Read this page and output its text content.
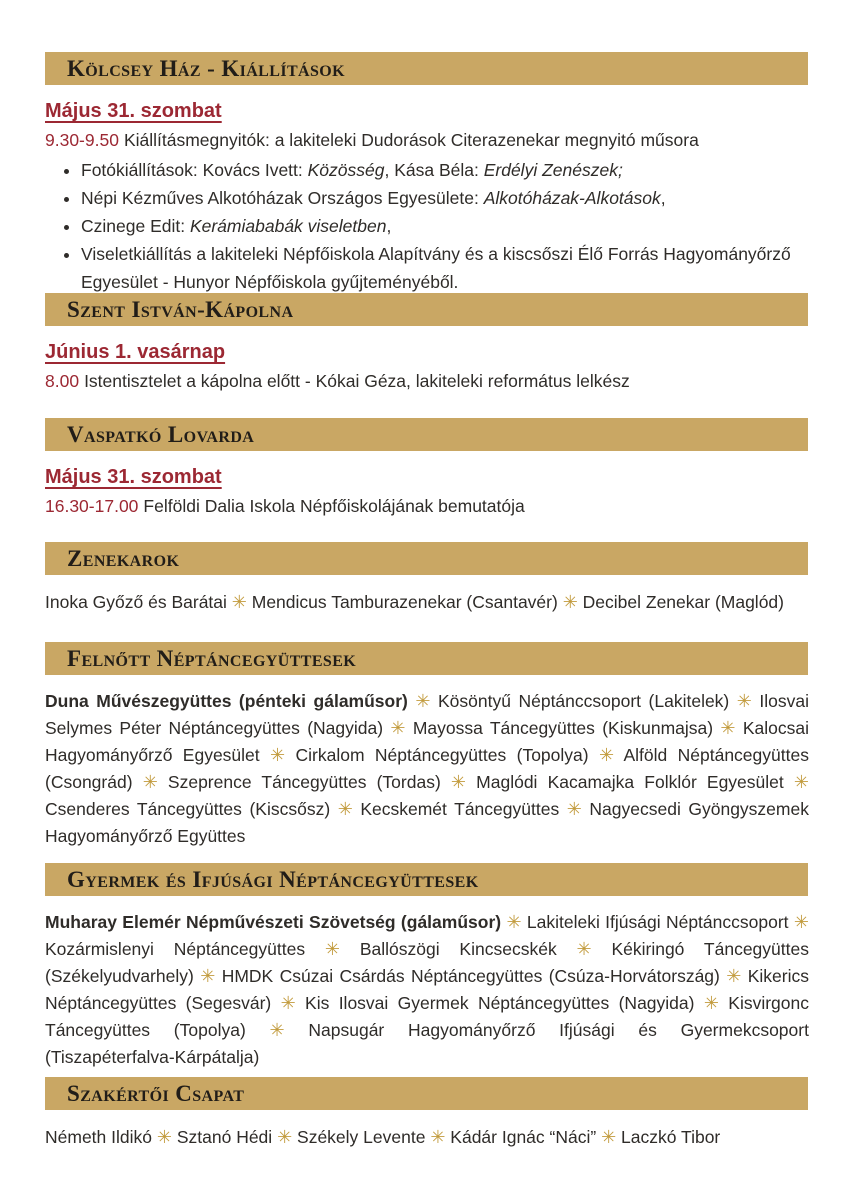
Kölcsey Ház - Kiállítások

Május 31. szombat

9.30-9.50 Kiállításmegnyitók: a lakiteleki Dudorások Citerazenekar megnyitó műsora

• Fotókiállítások: Kovács Ivett: Közösség, Kása Béla: Erdélyi Zenészek;
• Népi Kézműves Alkotóházak Országos Egyesülete: Alkotóházak-Alkotások,
• Czinege Edit: Kerámiababák viseletben,
• Viseletkiállítás a lakiteleki Népfőiskola Alapítvány és a kiscsőszi Élő Forrás Hagyományőrző Egyesület - Hunyor Népfőiskola gyűjteményéből.
Szent István-Kápolna

Június 1. vasárnap

8.00 Istentisztelet a kápolna előtt - Kókai Géza, lakiteleki református lelkész

Vaspatkó Lovarda

Május 31. szombat

16.30-17.00 Felföldi Dalia Iskola Népfőiskolájának bemutatója

Zenekarok

Inoka Győző és Barátai ✳ Mendicus Tamburazenekar (Csantavér) ✳ Decibel Zenekar (Maglód)

Felnőtt Néptáncegyüttesek

Duna Művészegyüttes (pénteki gálaműsor) ✳ Kösöntyű Néptánccsoport (Lakitelek) ✳ Ilosvai Selymes Péter Néptáncegyüttes (Nagyida) ✳ Mayossa Táncegyüttes (Kiskunmajsa) ✳ Kalocsai Hagyományőrző Egyesület ✳ Cirkalom Néptáncegyüttes (Topolya) ✳ Alföld Néptáncegyüttes (Csongrád) ✳ Szeprence Táncegyüttes (Tordas) ✳ Maglódi Kacamajka Folklór Egyesület ✳ Csenderes Táncegyüttes (Kiscsősz) ✳ Kecskemét Táncegyüttes ✳ Nagyecsedi Gyöngyszemek Hagyományőrző Együttes

Gyermek és Ifjúsági Néptáncegyüttesek

Muharay Elemér Népművészeti Szövetség (gálaműsor) ✳ Lakiteleki Ifjúsági Néptánccsoport ✳ Kozármislenyi Néptáncegyüttes ✳ Ballószögi Kincsecskék ✳ Kékiringó Táncegyüttes (Székelyudvarhely) ✳ HMDK Csúzai Csárdás Néptáncegyüttes (Csúza-Horvátország) ✳ Kikerics Néptáncegyüttes (Segesvár) ✳ Kis Ilosvai Gyermek Néptáncegyüttes (Nagyida) ✳ Kisvirgonc Táncegyüttes (Topolya) ✳ Napsugár Hagyományőrző Ifjúsági és Gyermekcsoport (Tiszapéterfalva-Kárpátalja)

Szakértői Csapat

Németh Ildikó ✳ Sztanó Hédi ✳ Székely Levente ✳ Kádár Ignác “Náci” ✳ Laczkó Tibor
